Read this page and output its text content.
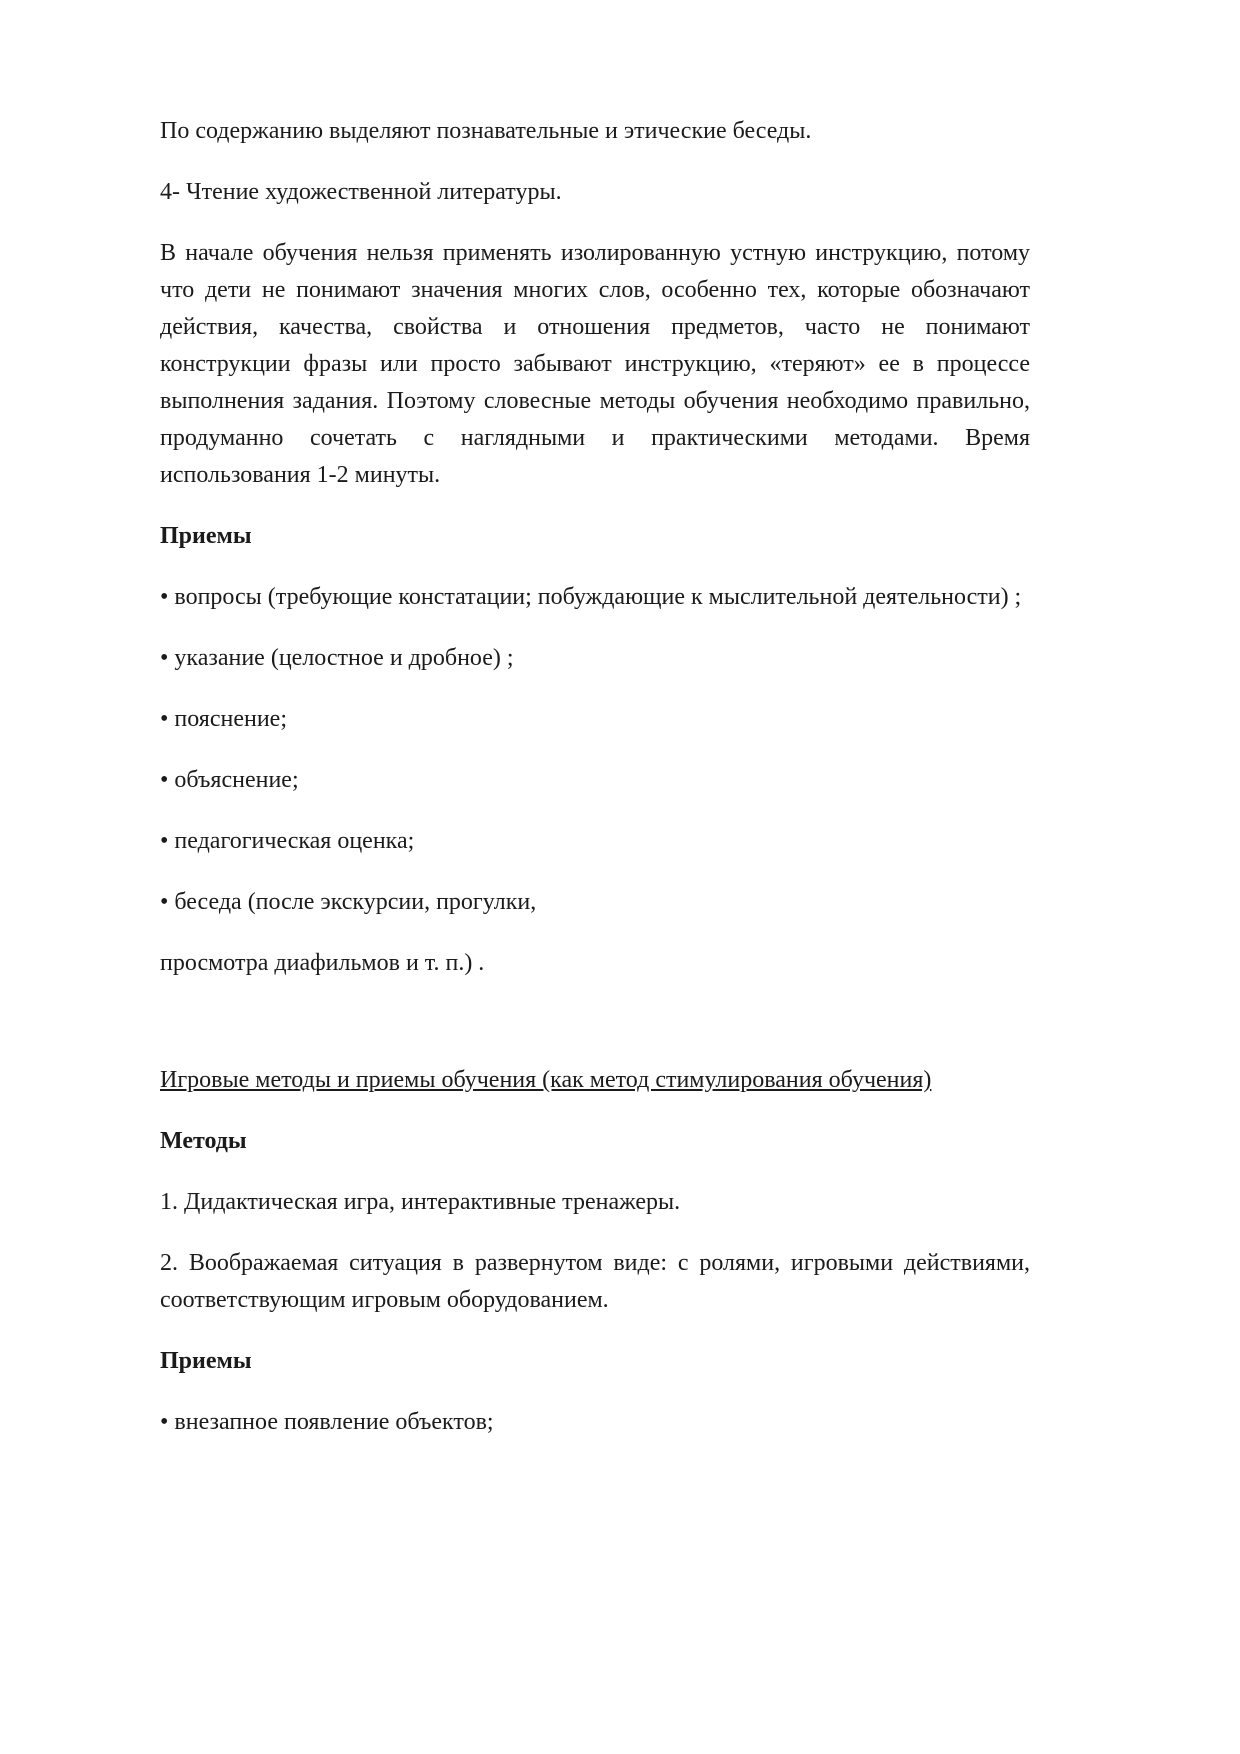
По содержанию выделяют познавательные и этические беседы.

4- Чтение художественной литературы.

В начале обучения нельзя применять изолированную устную инструкцию, потому что дети не понимают значения многих слов, особенно тех, которые обозначают действия, качества, свойства и отношения предметов, часто не понимают конструкции фразы или просто забывают инструкцию, «теряют» ее в процессе выполнения задания. Поэтому словесные методы обучения необходимо правильно, продуманно сочетать с наглядными и практическими методами. Время использования 1-2 минуты.

Приемы

• вопросы (требующие констатации; побуждающие к мыслительной деятельности) ;

• указание (целостное и дробное) ;

• пояснение;

• объяснение;

• педагогическая оценка;

• беседа (после экскурсии, прогулки,

просмотра диафильмов и т. п.) .

Игровые методы и приемы обучения (как метод стимулирования обучения)

Методы

1. Дидактическая игра, интерактивные тренажеры.

2. Воображаемая ситуация в развернутом виде: с ролями, игровыми действиями, соответствующим игровым оборудованием.

Приемы

• внезапное появление объектов;
